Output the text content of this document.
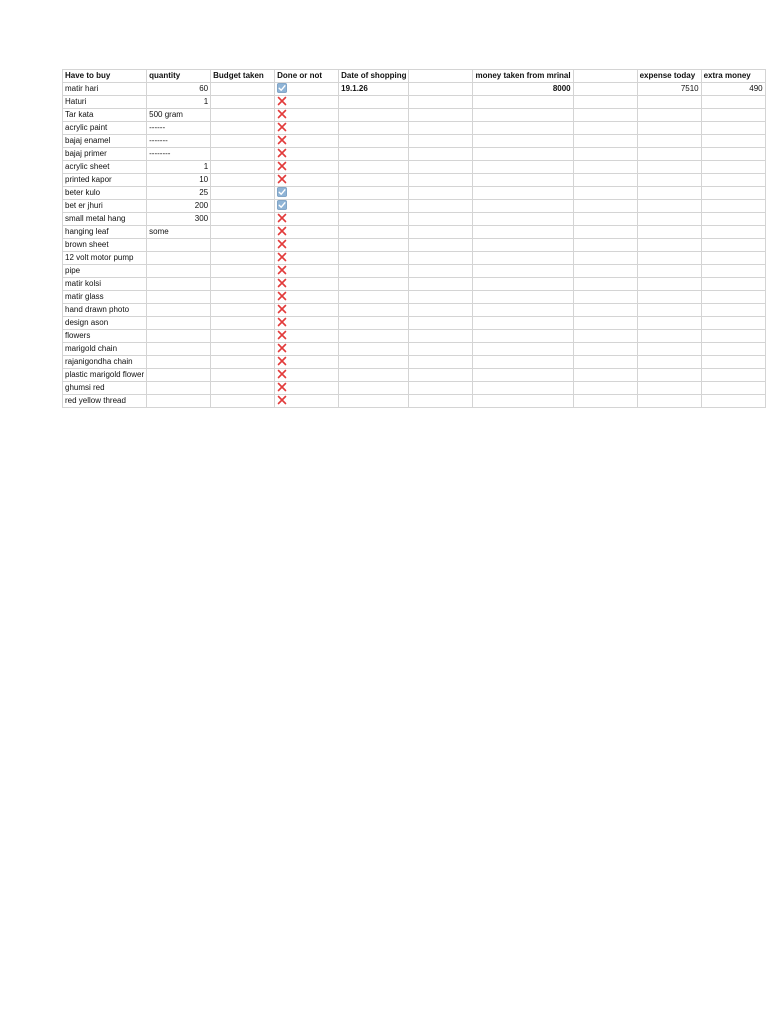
Have to buy	quantity	Budget taken	Done or not	Date of shopping		money taken from mrinal		expense today	extra money
matir hari	60			19.1.26		8000		7510	490
Haturi	1		

Tar kata	500 gram		

acrylic paint	------		

bajaj enamel	-------		

bajaj primer	--------		

acrylic sheet	1		

printed kapor	10		

beter kulo	25		

bet er jhuri	200		

small metal hang	300		

hanging leaf	some		

brown sheet			

12 volt motor pump			

pipe			

matir kolsi			

matir glass			

hand drawn photo			

design ason			

flowers			

marigold chain			

rajanigondha chain			

plastic marigold flower			

ghumsi red			

red yellow thread			
